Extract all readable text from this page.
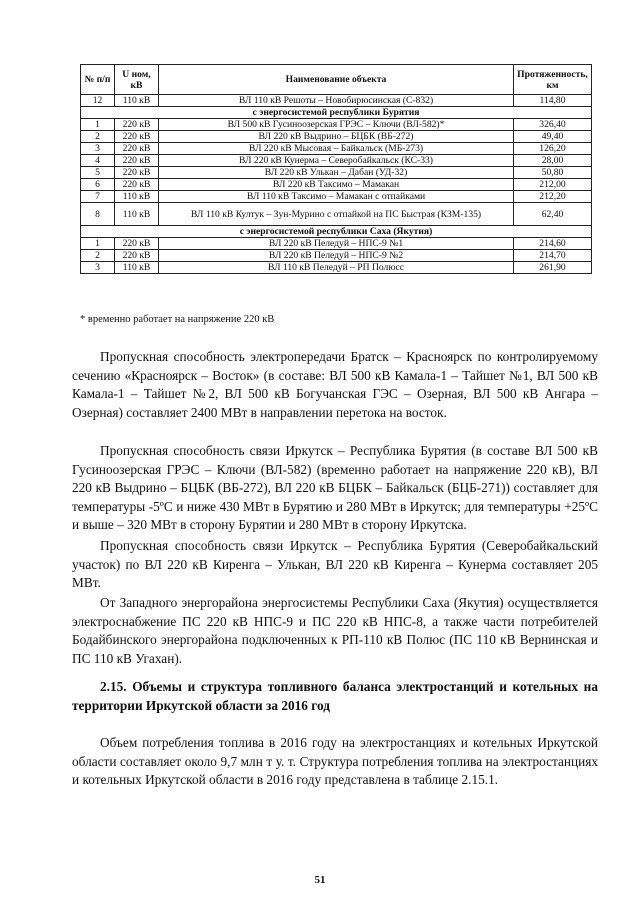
№ п/п	U ном, кВ	Наименование объекта	Протяженность, км
12	110 кВ	ВЛ 110 кВ Решоты – Новобирюсинская (С-832)	114,80
с энергосистемой республики Бурятия			
1	220 кВ	ВЛ 500 кВ Гусиноозерская ГРЭС – Ключи (ВЛ-582)*	326,40
2	220 кВ	ВЛ 220 кВ Выдрино – БЦБК (ВБ-272)	49,40
3	220 кВ	ВЛ 220 кВ Мысовая – Байкальск (МБ-273)	126,20
4	220 кВ	ВЛ 220 кВ Кунерма – Северобайкальск (КС-33)	28,00
5	220 кВ	ВЛ 220 кВ Улькан – Дабан (УД-32)	50,80
6	220 кВ	ВЛ 220 кВ Таксимо – Мамакан	212,00
7	110 кВ	ВЛ 110 кВ Таксимо – Мамакан с отпайками	212,20
8	110 кВ	ВЛ 110 кВ Култук – Зун-Мурино с отпайкой на ПС Быстрая (КЗМ-135)	62,40
с энергосистемой республики Саха (Якутия)			
1	220 кВ	ВЛ 220 кВ Пеледуй – НПС-9 №1	214,60
2	220 кВ	ВЛ 220 кВ Пеледуй – НПС-9 №2	214,70
3	110 кВ	ВЛ 110 кВ Пеледуй – РП Полюсс	261,90
* временно работает на напряжение 220 кВ

Пропускная способность электропередачи Братск – Красноярск по контролируемому сечению «Красноярск – Восток» (в составе: ВЛ 500 кВ Камала-1 – Тайшет №1, ВЛ 500 кВ Камала-1 – Тайшет №2, ВЛ 500 кВ Богучанская ГЭС – Озерная, ВЛ 500 кВ Ангара – Озерная) составляет 2400 МВт в направлении перетока на восток.

Пропускная способность связи Иркутск – Республика Бурятия (в составе ВЛ 500 кВ Гусиноозерская ГРЭС – Ключи (ВЛ-582) (временно работает на напряжение 220 кВ), ВЛ 220 кВ Выдрино – БЦБК (ВБ-272), ВЛ 220 кВ БЦБК – Байкальск (БЦБ-271)) составляет для температуры -5ºС и ниже 430 МВт в Бурятию и 280 МВт в Иркутск; для температуры +25ºС и выше – 320 МВт в сторону Бурятии и 280 МВт в сторону Иркутска.

Пропускная способность связи Иркутск – Республика Бурятия (Северобайкальский участок) по ВЛ 220 кВ Киренга – Улькан, ВЛ 220 кВ Киренга – Кунерма составляет 205 МВт.

От Западного энергорайона энергосистемы Республики Саха (Якутия) осуществляется электроснабжение ПС 220 кВ НПС-9 и ПС 220 кВ НПС-8, а также части потребителей Бодайбинского энергорайона подключенных к РП-110 кВ Полюс (ПС 110 кВ Вернинская и ПС 110 кВ Угахан).

2.15. Объемы и структура топливного баланса электростанций и котельных на территории Иркутской области за 2016 год

Объем потребления топлива в 2016 году на электростанциях и котельных Иркутской области составляет около 9,7 млн т у. т. Структура потребления топлива на электростанциях и котельных Иркутской области в 2016 году представлена в таблице 2.15.1.

51
